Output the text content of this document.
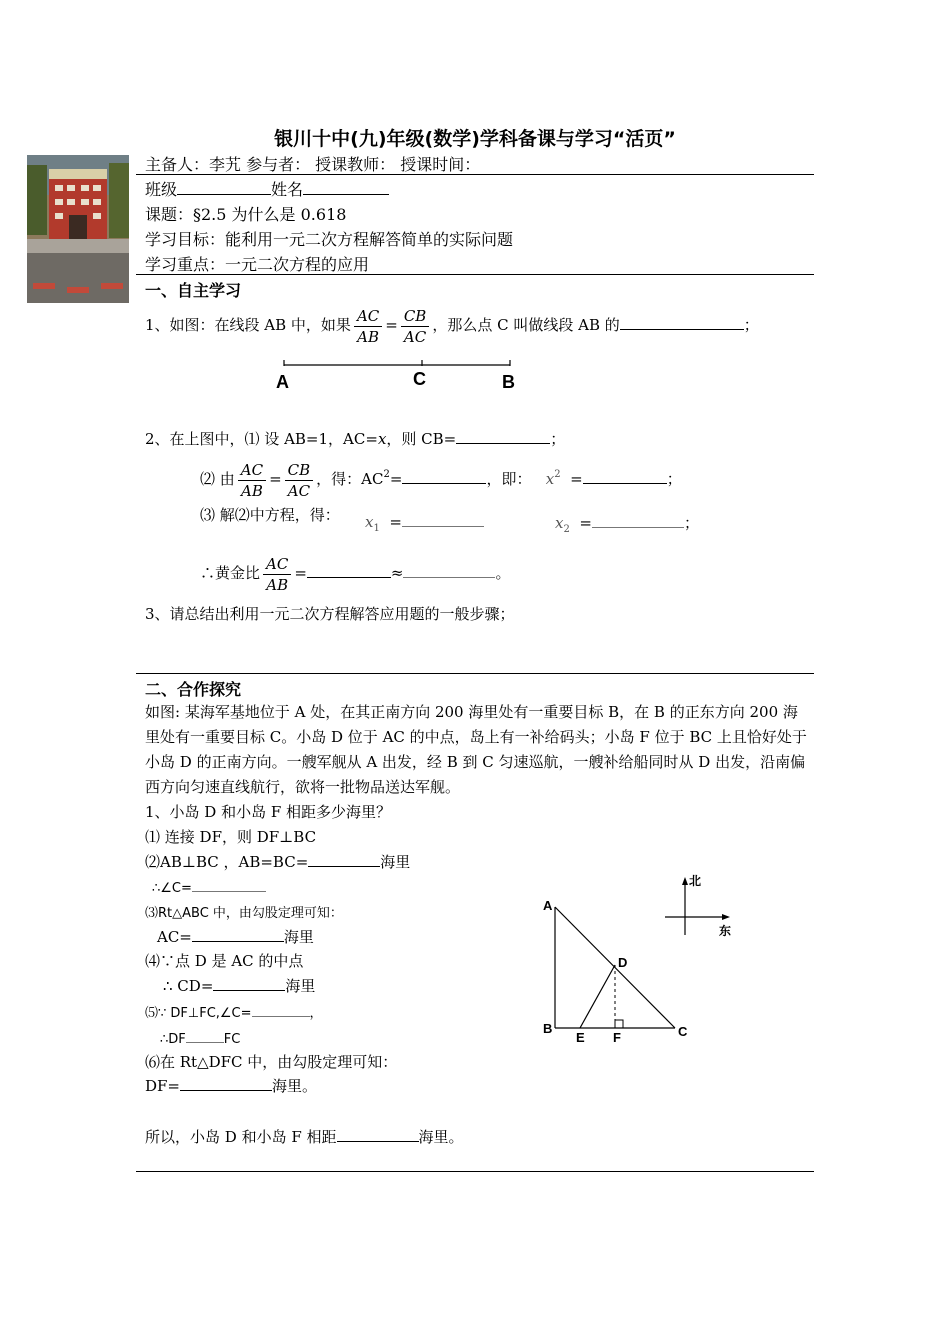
银川十中(九)年级(数学)学科备课与学习“活页”
主备人：李艽 参与者： 授课教师： 授课时间：
班级	姓名
课题：§2.5 为什么是 0.618
学习目标：能利用一元二次方程解答简单的实际问题
学习重点：一元二次方程的应用
一、自主学习
1、如图：在线段 AB 中，如果 $\frac{AC}{AB} = \frac{CB}{AC}$ ，那么点 C 叫做线段 AB 的	；
A	C	B
2、在上图中，⑴ 设 AB=1，AC=x，则 CB=	；
⑵ 由 $\frac{AC}{AB} = \frac{CB}{AC}$ ，得：$AC^2=$	，即： $x^2$ =	；
⑶ 解⑵中方程，得： $x_1$ =	$x_2$ =	；
∴黄金比 $\frac{AC}{AB}$ =	≈	。
3、请总结出利用一元二次方程解答应用题的一般步骤；
二、合作探究
如图: 某海军基地位于 A 处，在其正南方向 200 海里处有一重要目标 B，在 B 的正东方向 200 海里处有一重要目标 C。小岛 D 位于 AC 的中点，岛上有一补给码头；小岛 F 位于 BC 上且恰好处于小岛 D 的正南方向。一艘军舰从 A 出发，经 B 到 C 匀速巡航，一艘补给船同时从 D 出发，沿南偏西方向匀速直线航行，欲将一批物品送达军舰。
1、小岛 D 和小岛 F 相距多少海里？
⑴ 连接 DF，则 DF⊥BC
⑵AB⊥BC ，AB=BC=	海里
∴∠C=
⑶Rt△ABC 中，由勾股定理可知：
AC=	海里
⑷∵点 D 是 AC 的中点
∴ CD=	海里
⑸∵ DF⊥FC,∠C=	，
∴DF	FC
⑹在 Rt△DFC 中，由勾股定理可知：
DF=	海里。
所以，小岛 D 和小岛 F 相距	海里。
A
B	C
D
E F
北
东
